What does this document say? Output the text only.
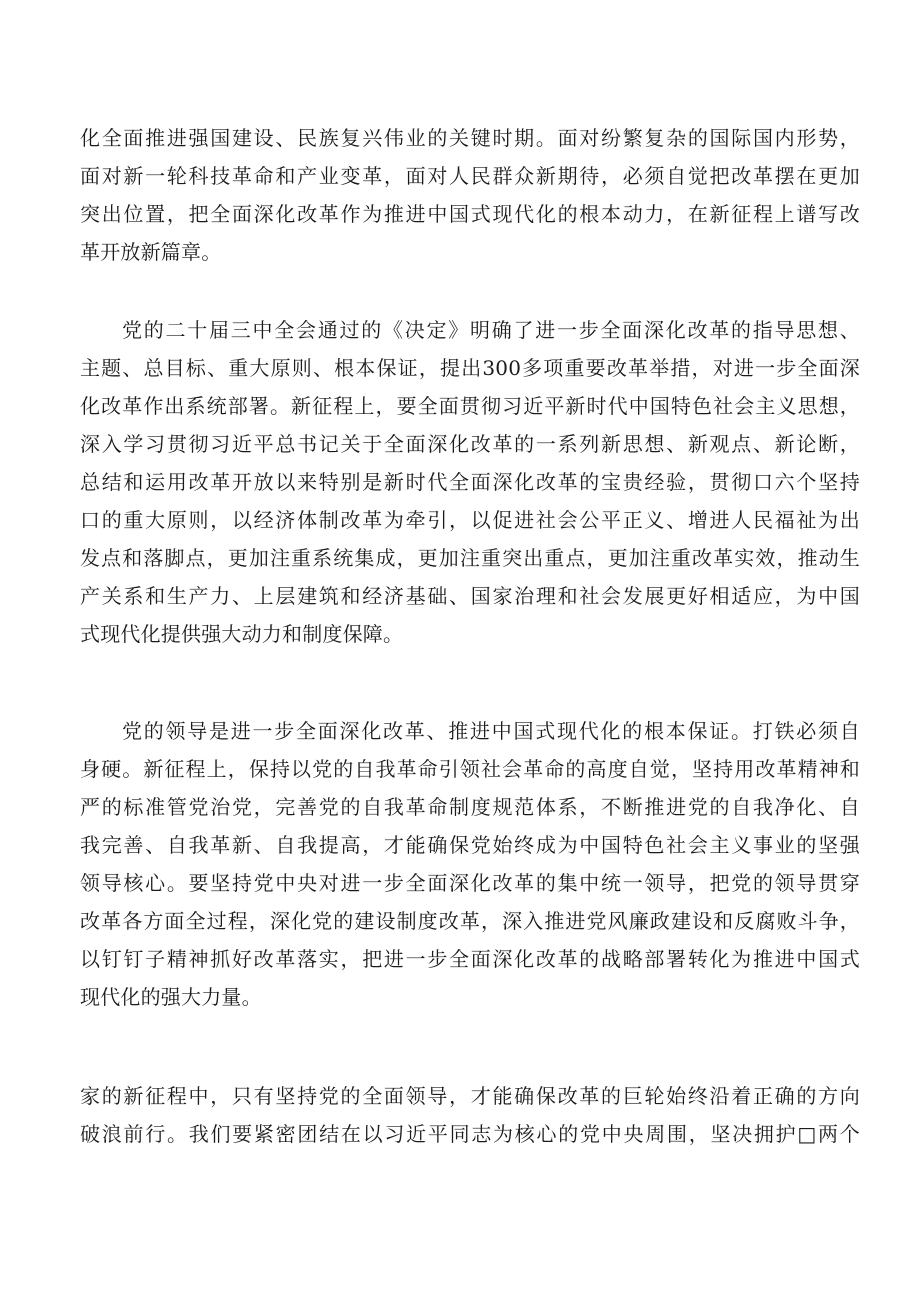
化全面推进强国建设、民族复兴伟业的关键时期。面对纷繁复杂的国际国内形势，
面对新一轮科技革命和产业变革，面对人民群众新期待，必须自觉把改革摆在更加
突出位置，把全面深化改革作为推进中国式现代化的根本动力，在新征程上谱写改
革开放新篇章。
党的二十届三中全会通过的《决定》明确了进一步全面深化改革的指导思想、
主题、总目标、重大原则、根本保证，提出300多项重要改革举措，对进一步全面深
化改革作出系统部署。新征程上，要全面贯彻习近平新时代中国特色社会主义思想，
深入学习贯彻习近平总书记关于全面深化改革的一系列新思想、新观点、新论断，
总结和运用改革开放以来特别是新时代全面深化改革的宝贵经验，贯彻口六个坚持
口的重大原则，以经济体制改革为牵引，以促进社会公平正义、增进人民福祉为出
发点和落脚点，更加注重系统集成，更加注重突出重点，更加注重改革实效，推动生
产关系和生产力、上层建筑和经济基础、国家治理和社会发展更好相适应，为中国
式现代化提供强大动力和制度保障。
党的领导是进一步全面深化改革、推进中国式现代化的根本保证。打铁必须自
身硬。新征程上，保持以党的自我革命引领社会革命的高度自觉，坚持用改革精神和
严的标准管党治党，完善党的自我革命制度规范体系，不断推进党的自我净化、自
我完善、自我革新、自我提高，才能确保党始终成为中国特色社会主义事业的坚强
领导核心。要坚持党中央对进一步全面深化改革的集中统一领导，把党的领导贯穿
改革各方面全过程，深化党的建设制度改革，深入推进党风廉政建设和反腐败斗争，
以钉钉子精神抓好改革落实，把进一步全面深化改革的战略部署转化为推进中国式
现代化的强大力量。
家的新征程中，只有坚持党的全面领导，才能确保改革的巨轮始终沿着正确的方向
破浪前行。我们要紧密团结在以习近平同志为核心的党中央周围，坚决拥护□两个
